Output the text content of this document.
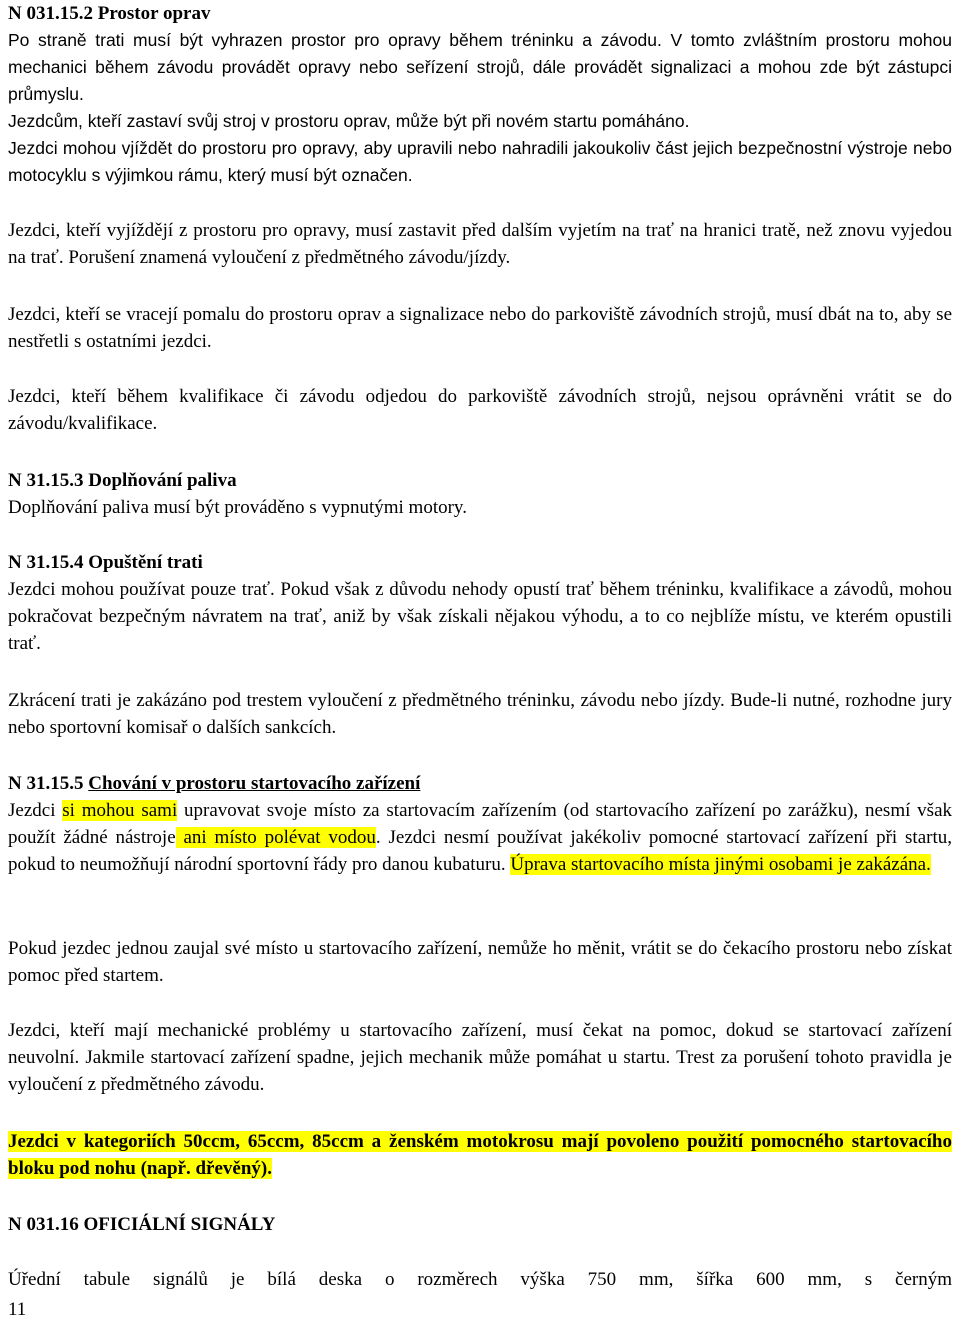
N 031.15.2 Prostor oprav
Po straně trati musí být vyhrazen prostor pro opravy během tréninku a závodu. V tomto zvláštním prostoru mohou mechanici během závodu provádět opravy nebo seřízení strojů, dále provádět signalizaci a mohou zde být zástupci průmyslu.
Jezdcům, kteří zastaví svůj stroj v prostoru oprav, může být při novém startu pomáháno.
Jezdci mohou vjíždět do prostoru pro opravy, aby upravili nebo nahradili jakoukoliv část jejich bezpečnostní výstroje nebo motocyklu s výjimkou rámu, který musí být označen.
Jezdci, kteří vyjíždějí z prostoru pro opravy, musí zastavit před dalším vyjetím na trať na hranici tratě, než znovu vyjedou na trať. Porušení znamená vyloučení z předmětného závodu/jízdy.
Jezdci, kteří se vracejí pomalu do prostoru oprav a signalizace nebo do parkoviště závodních strojů, musí dbát na to, aby se nestřetli s ostatními jezdci.
Jezdci, kteří během kvalifikace či závodu odjedou do parkoviště závodních strojů, nejsou oprávněni vrátit se do závodu/kvalifikace.
N 31.15.3 Doplňování paliva
Doplňování paliva musí být prováděno s vypnutými motory.
N 31.15.4 Opuštění trati
Jezdci mohou používat pouze trať. Pokud však z důvodu nehody opustí trať během tréninku, kvalifikace a závodů, mohou pokračovat bezpečným návratem na trať, aniž by však získali nějakou výhodu, a to co nejblíže místu, ve kterém opustili trať.
Zkrácení trati je zakázáno pod trestem vyloučení z předmětného tréninku, závodu nebo jízdy. Bude-li nutné, rozhodne jury nebo sportovní komisař o dalších sankcích.
N 31.15.5 Chování v prostoru startovacího zařízení
Jezdci si mohou sami upravovat svoje místo za startovacím zařízením (od startovacího zařízení po zarážku), nesmí však použít žádné nástroje ani místo polévat vodou. Jezdci nesmí používat jakékoliv pomocné startovací zařízení při startu, pokud to neumožňují národní sportovní řády pro danou kubaturu. Úprava startovacího místa jinými osobami je zakázána.
Pokud jezdec jednou zaujal své místo u startovacího zařízení, nemůže ho měnit, vrátit se do čekacího prostoru nebo získat pomoc před startem.
Jezdci, kteří mají mechanické problémy u startovacího zařízení, musí čekat na pomoc, dokud se startovací zařízení neuvolní. Jakmile startovací zařízení spadne, jejich mechanik může pomáhat u startu. Trest za porušení tohoto pravidla je vyloučení z předmětného závodu.
Jezdci v kategoriích 50ccm, 65ccm, 85ccm a ženském motokrosu mají povoleno použití pomocného startovacího bloku pod nohu (např. dřevěný).
N 031.16 OFICIÁLNÍ SIGNÁLY
Úřední tabule signálů je bílá deska o rozměrech výška 750 mm, šířka 600 mm, s černým
11
